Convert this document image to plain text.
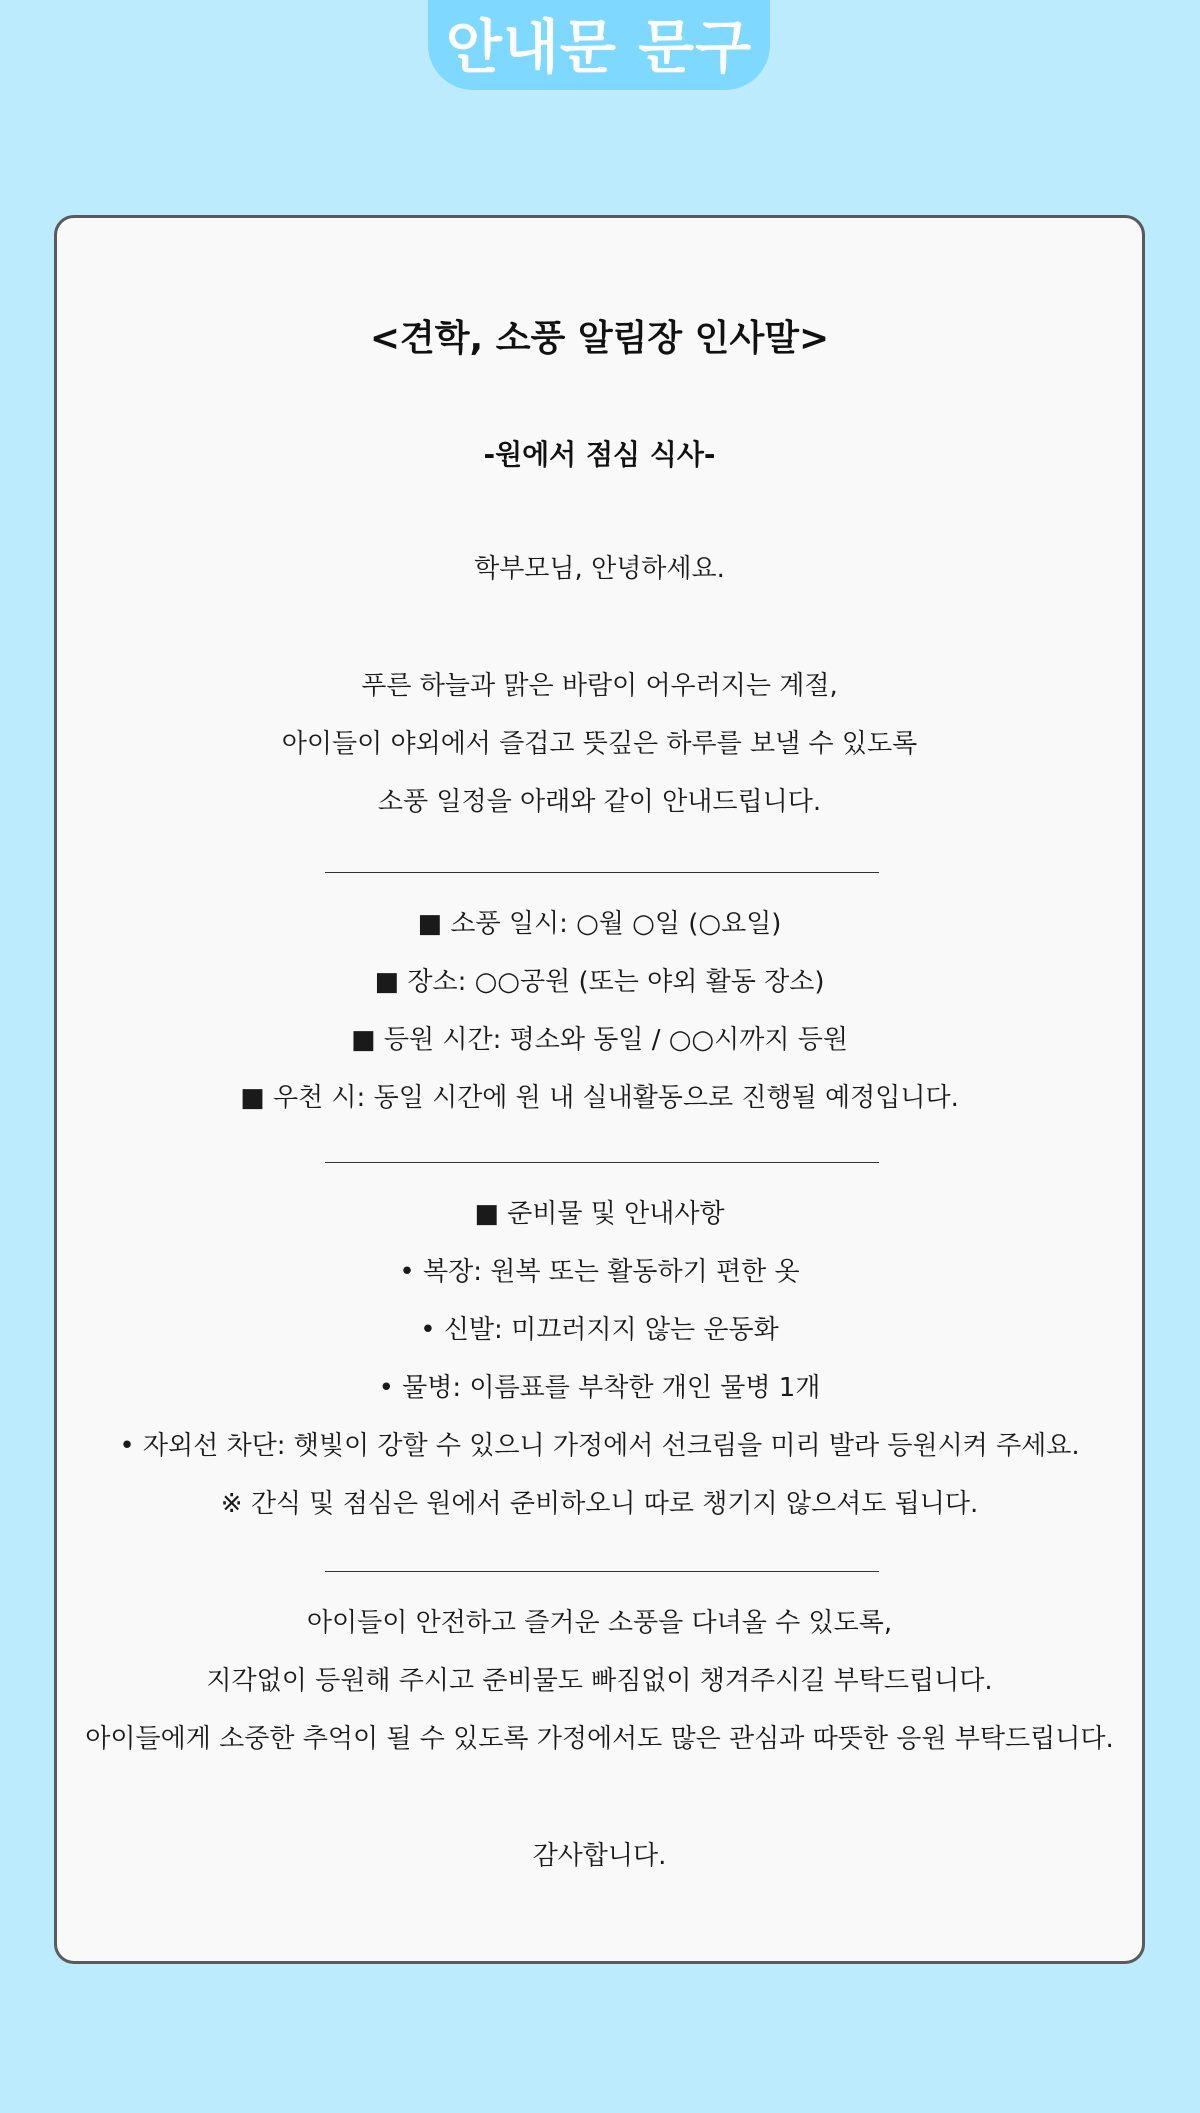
안내문 문구
<견학, 소풍 알림장 인사말>
-원에서 점심 식사-
학부모님, 안녕하세요.
푸른 하늘과 맑은 바람이 어우러지는 계절,
아이들이 야외에서 즐겁고 뜻깊은 하루를 보낼 수 있도록
소풍 일정을 아래와 같이 안내드립니다.
■ 소풍 일시: ○월 ○일 (○요일)
■ 장소: ○○공원 (또는 야외 활동 장소)
■ 등원 시간: 평소와 동일 / ○○시까지 등원
■ 우천 시: 동일 시간에 원 내 실내활동으로 진행될 예정입니다.
■ 준비물 및 안내사항
• 복장: 원복 또는 활동하기 편한 옷
• 신발: 미끄러지지 않는 운동화
• 물병: 이름표를 부착한 개인 물병 1개
• 자외선 차단: 햇빛이 강할 수 있으니 가정에서 선크림을 미리 발라 등원시켜 주세요.
※ 간식 및 점심은 원에서 준비하오니 따로 챙기지 않으셔도 됩니다.
아이들이 안전하고 즐거운 소풍을 다녀올 수 있도록,
지각없이 등원해 주시고 준비물도 빠짐없이 챙겨주시길 부탁드립니다.
아이들에게 소중한 추억이 될 수 있도록 가정에서도 많은 관심과 따뜻한 응원 부탁드립니다.
감사합니다.
